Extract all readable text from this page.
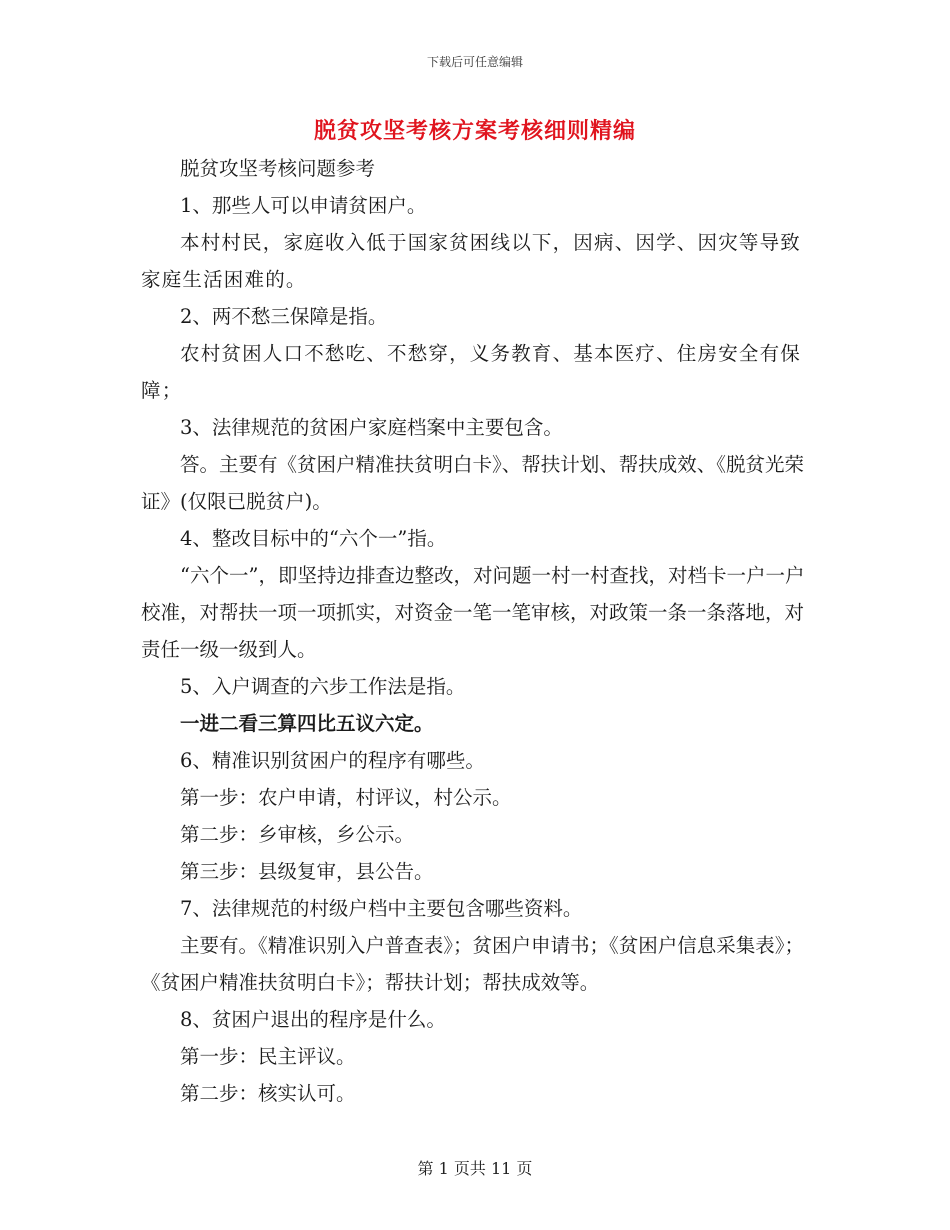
下载后可任意编辑
脱贫攻坚考核方案考核细则精编

脱贫攻坚考核问题参考

1、那些人可以申请贫困户。

本村村民，家庭收入低于国家贫困线以下，因病、因学、因灾等导致家庭生活困难的。

2、两不愁三保障是指。

农村贫困人口不愁吃、不愁穿，义务教育、基本医疗、住房安全有保障；

3、法律规范的贫困户家庭档案中主要包含。

答。主要有《贫困户精准扶贫明白卡》、帮扶计划、帮扶成效、《脱贫光荣证》(仅限已脱贫户)。

4、整改目标中的“六个一”指。

“六个一”，即坚持边排查边整改，对问题一村一村查找，对档卡一户一户校准，对帮扶一项一项抓实，对资金一笔一笔审核，对政策一条一条落地，对责任一级一级到人。

5、入户调查的六步工作法是指。

一进二看三算四比五议六定。

6、精准识别贫困户的程序有哪些。

第一步：农户申请，村评议，村公示。

第二步：乡审核，乡公示。

第三步：县级复审，县公告。

7、法律规范的村级户档中主要包含哪些资料。

主要有。《精准识别入户普查表》；贫困户申请书；《贫困户信息采集表》；《贫困户精准扶贫明白卡》；帮扶计划；帮扶成效等。

8、贫困户退出的程序是什么。

第一步：民主评议。

第二步：核实认可。

第 1 页共 11 页
